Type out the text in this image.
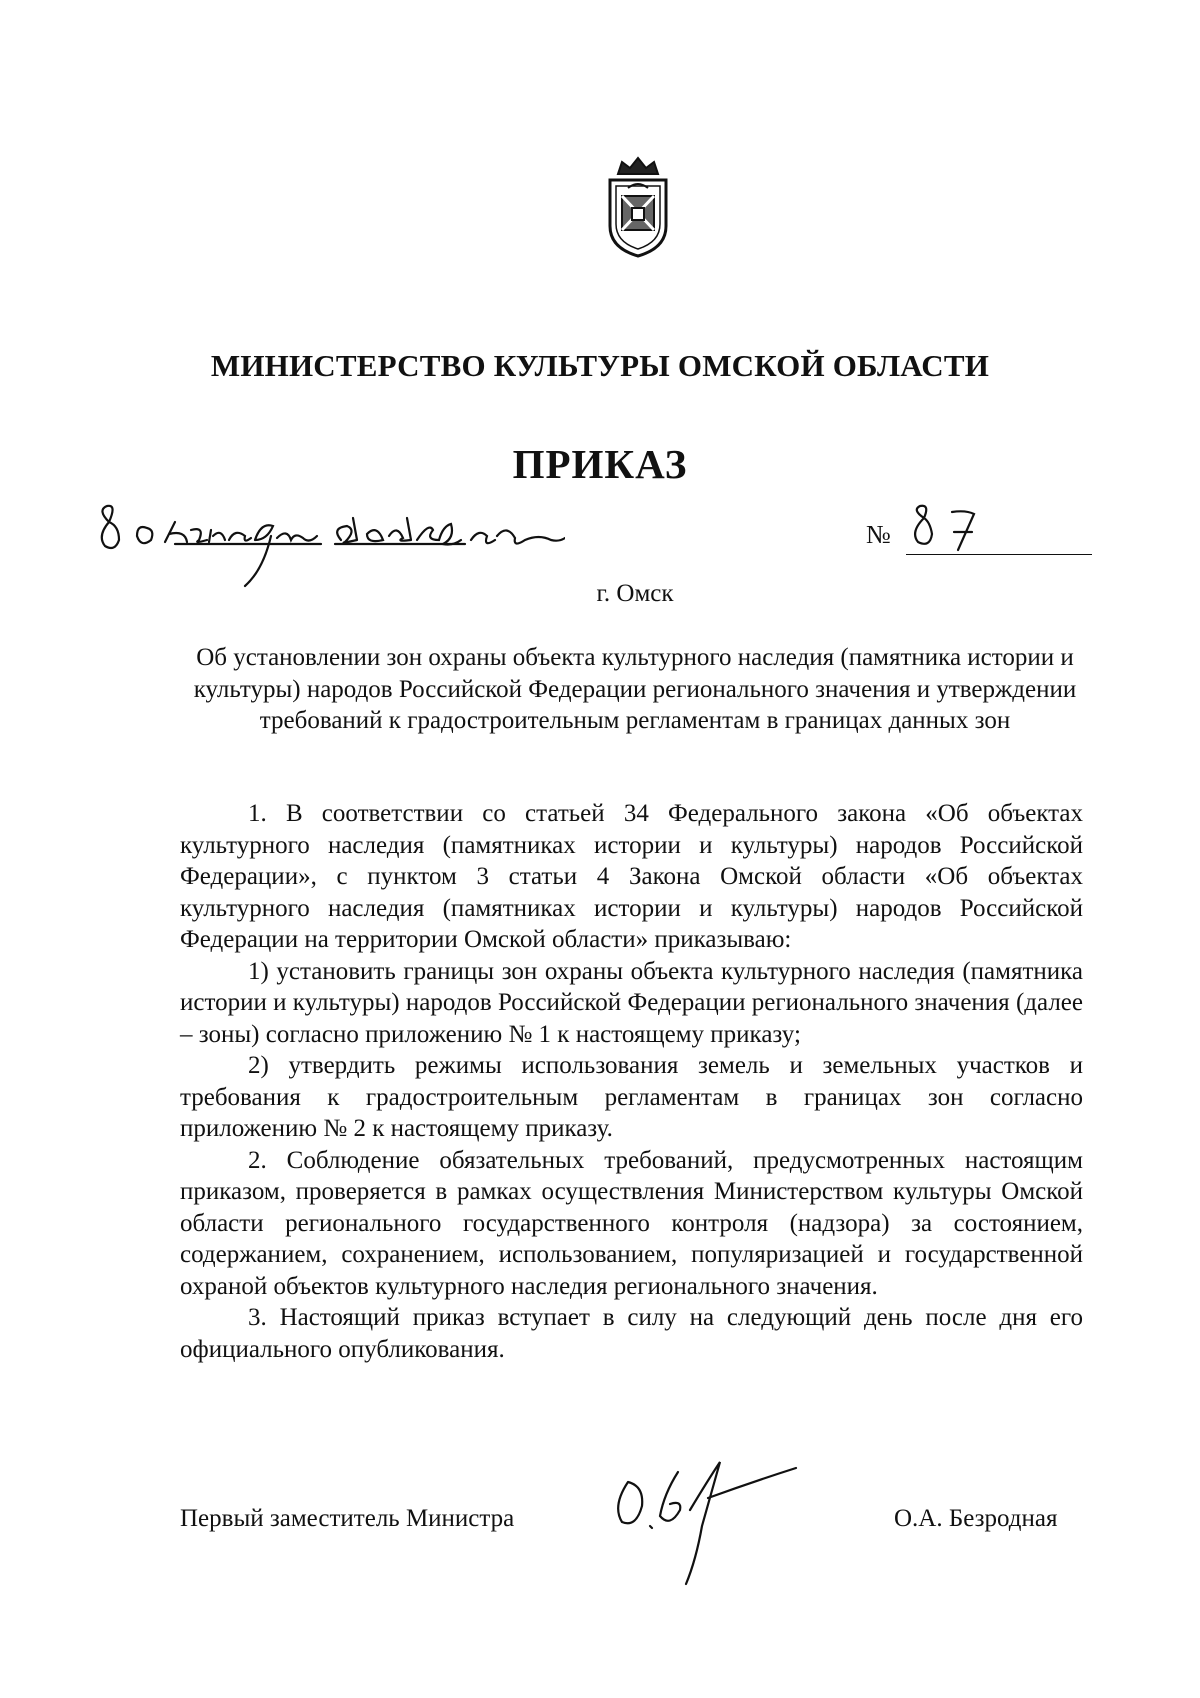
МИНИСТЕРСТВО КУЛЬТУРЫ ОМСКОЙ ОБЛАСТИ
ПРИКАЗ
№
г. Омск
Об установлении зон охраны объекта культурного наследия (памятника истории и культуры) народов Российской Федерации регионального значения и утверждении требований к градостроительным регламентам в границах данных зон

1. В соответствии со статьей 34 Федерального закона «Об объектах культурного наследия (памятниках истории и культуры) народов Российской Федерации», с пунктом 3 статьи 4 Закона Омской области «Об объектах культурного наследия (памятниках истории и культуры) народов Российской Федерации на территории Омской области» приказываю:

1) установить границы зон охраны объекта культурного наследия (памятника истории и культуры) народов Российской Федерации регионального значения (далее – зоны) согласно приложению № 1 к настоящему приказу;

2) утвердить режимы использования земель и земельных участков и требования к градостроительным регламентам в границах зон согласно приложению № 2 к настоящему приказу.

2. Соблюдение обязательных требований, предусмотренных настоящим приказом, проверяется в рамках осуществления Министерством культуры Омской области регионального государственного контроля (надзора) за состоянием, содержанием, сохранением, использованием, популяризацией и государственной охраной объектов культурного наследия регионального значения.

3. Настоящий приказ вступает в силу на следующий день после дня его официального опубликования.

Первый заместитель Министра	О.А. Безродная
